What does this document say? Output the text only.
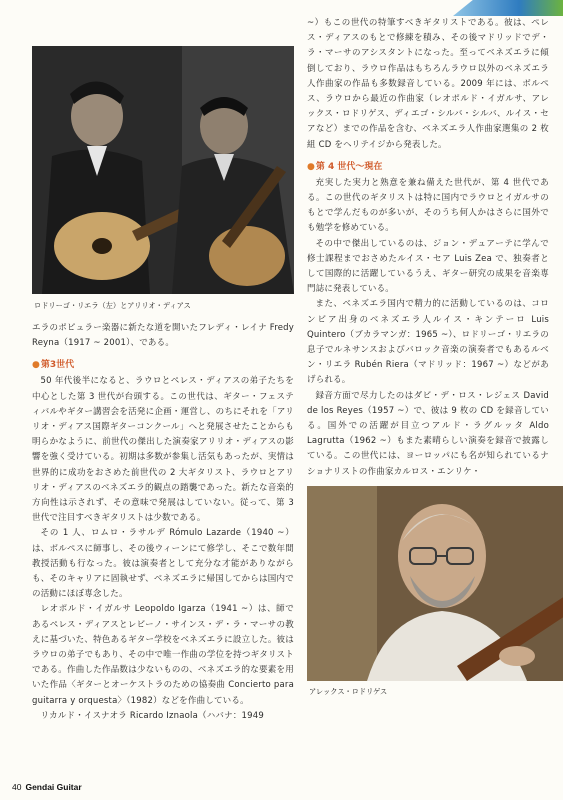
ロドリーゴ・リエラ（左）とアリリオ・ディアス

エラのポピュラー楽器に新たな道を開いたフレディ・レイナ Fredy Reyna（1917 ~ 2001）、である。

●第3世代

50 年代後半になると、ラウロとペレス・ディアスの弟子たちを中心とした第 3 世代が台頭する。この世代は、ギター・フェスティバルやギター講習会を活発に企画・運営し、のちにそれを「アリリオ・ディアス国際ギターコンクール」へと発展させたことからも明らかなように、前世代の傑出した演奏家アリリオ・ディアスの影響を強く受けている。初期は多数が参集し活気もあったが、実情は世界的に成功をおさめた前世代の 2 大ギタリスト、ラウロとアリリオ・ディアスのベネズエラ的観点の踏襲であった。新たな音楽的方向性は示されず、その意味で発展はしていない。従って、第 3 世代で注目すべきギタリストは少数である。

その 1 人、ロムロ・ラサルデ Rómulo Lazarde（1940 ~）は、ボルペスに師事し、その後ウィーンにて修学し、そこで数年間教授活動も行なった。彼は演奏者として充分な才能がありながらも、そのキャリアに固執せず、ベネズエラに帰国してからは国内での活動にほぼ専念した。

レオポルド・イガルサ Leopoldo Igarza（1941 ~）は、師であるペレス・ディアスとレビーノ・サインス・デ・ラ・マーサの教えに基づいた、特色あるギター学校をベネズエラに設立した。彼はラウロの弟子でもあり、その中で唯一作曲の学位を持つギタリストである。作曲した作品数は少ないものの、ベネズエラ的な要素を用いた作品〈ギターとオーケストラのための協奏曲 Concierto para guitarra y orquesta〉（1982）などを作曲している。

リカルド・イスナオラ Ricardo Iznaola（ハバナ：1949

~）もこの世代の特筆すべきギタリストである。彼は、ペレス・ディアスのもとで修練を積み、その後マドリッドでデ・ラ・マーサのアシスタントになった。至ってベネズエラに傾倒しており、ラウロ作品はもちろんラウロ以外のベネズエラ人作曲家の作品も多数録音している。2009 年には、ボルペス、ラウロから最近の作曲家（レオポルド・イガルサ、アレックス・ロドリゲス、ディエゴ・シルバ・シルバ、ルイス・セアなど）までの作品を含む、ベネズエラ人作曲家選集の 2 枚組 CD をヘリテイジから発表した。

●第 4 世代～現在

充実した実力と熟意を兼ね備えた世代が、第 4 世代である。この世代のギタリストは特に国内でラウロとイガルサのもとで学んだものが多いが、そのうち何人かはさらに国外でも勉学を修めている。

その中で傑出しているのは、ジョン・デュアーテに学んで修士課程までおさめたルイス・セア Luis Zea で、独奏者として国際的に活躍しているうえ、ギター研究の成果を音楽専門誌に発表している。

また、ベネズエラ国内で精力的に活動しているのは、コロンビア出身のベネズエラ人ルイス・キンテーロ Luis Quintero（ブカラマンガ：1965 ~）、ロドリーゴ・リエラの息子でルネサンスおよびバロック音楽の演奏者でもあるルベン・リエラ Rubén Riera（マドリッド：1967 ~）などがあげられる。

録音方面で尽力したのはダビ・デ・ロス・レジェス David de los Reyes（1957 ~）で、彼は 9 枚の CD を録音している。国外での活躍が目立つアルド・ラグルッタ Aldo Lagrutta（1962 ~）もまた素晴らしい演奏を録音で披露している。この世代には、ヨーロッパにも名が知られているナショナリストの作曲家カルロス・エンリケ・

アレックス・ロドリゲス
40 Gendai Guitar
